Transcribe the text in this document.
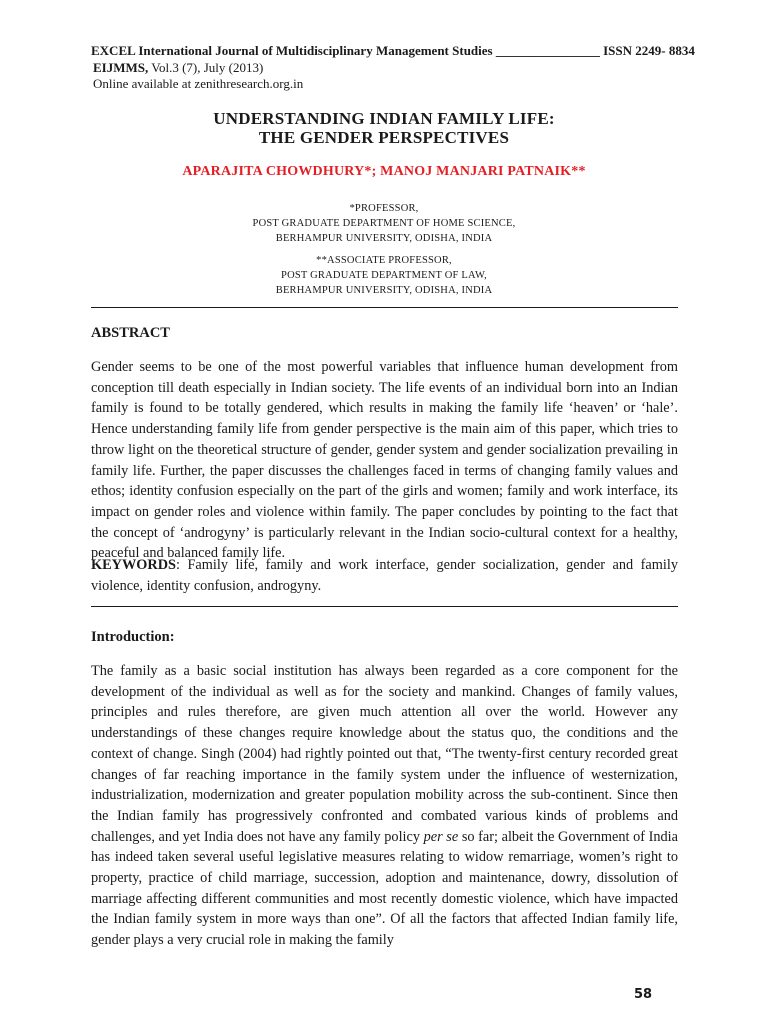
EXCEL International Journal of Multidisciplinary Management Studies ________________ ISSN 2249- 8834
EIJMMS, Vol.3 (7), July (2013)
Online available at zenithresearch.org.in
UNDERSTANDING INDIAN FAMILY LIFE:
THE GENDER PERSPECTIVES
APARAJITA CHOWDHURY*; MANOJ MANJARI PATNAIK**
*PROFESSOR,
POST GRADUATE DEPARTMENT OF HOME SCIENCE,
BERHAMPUR UNIVERSITY, ODISHA, INDIA
**ASSOCIATE PROFESSOR,
POST GRADUATE DEPARTMENT OF LAW,
BERHAMPUR UNIVERSITY, ODISHA, INDIA
ABSTRACT

Gender seems to be one of the most powerful variables that influence human development from conception till death especially in Indian society. The life events of an individual born into an Indian family is found to be totally gendered, which results in making the family life ‘heaven’ or ‘hale’. Hence understanding family life from gender perspective is the main aim of this paper, which tries to throw light on the theoretical structure of gender, gender system and gender socialization prevailing in family life. Further, the paper discusses the challenges faced in terms of changing family values and ethos; identity confusion especially on the part of the girls and women; family and work interface, its impact on gender roles and violence within family. The paper concludes by pointing to the fact that the concept of ‘androgyny’ is particularly relevant in the Indian socio-cultural context for a healthy, peaceful and balanced family life.

KEYWORDS: Family life, family and work interface, gender socialization, gender and family violence, identity confusion, androgyny.

Introduction:

The family as a basic social institution has always been regarded as a core component for the development of the individual as well as for the society and mankind. Changes of family values, principles and rules therefore, are given much attention all over the world. However any understandings of these changes require knowledge about the status quo, the conditions and the context of change. Singh (2004) had rightly pointed out that, “The twenty-first century recorded great changes of far reaching importance in the family system under the influence of westernization, industrialization, modernization and greater population mobility across the sub-continent. Since then the Indian family has progressively confronted and combated various kinds of problems and challenges, and yet India does not have any family policy per se so far; albeit the Government of India has indeed taken several useful legislative measures relating to widow remarriage, women’s right to property, practice of child marriage, succession, adoption and maintenance, dowry, dissolution of marriage affecting different communities and most recently domestic violence, which have impacted the Indian family system in more ways than one”. Of all the factors that affected Indian family life, gender plays a very crucial role in making the family

58
